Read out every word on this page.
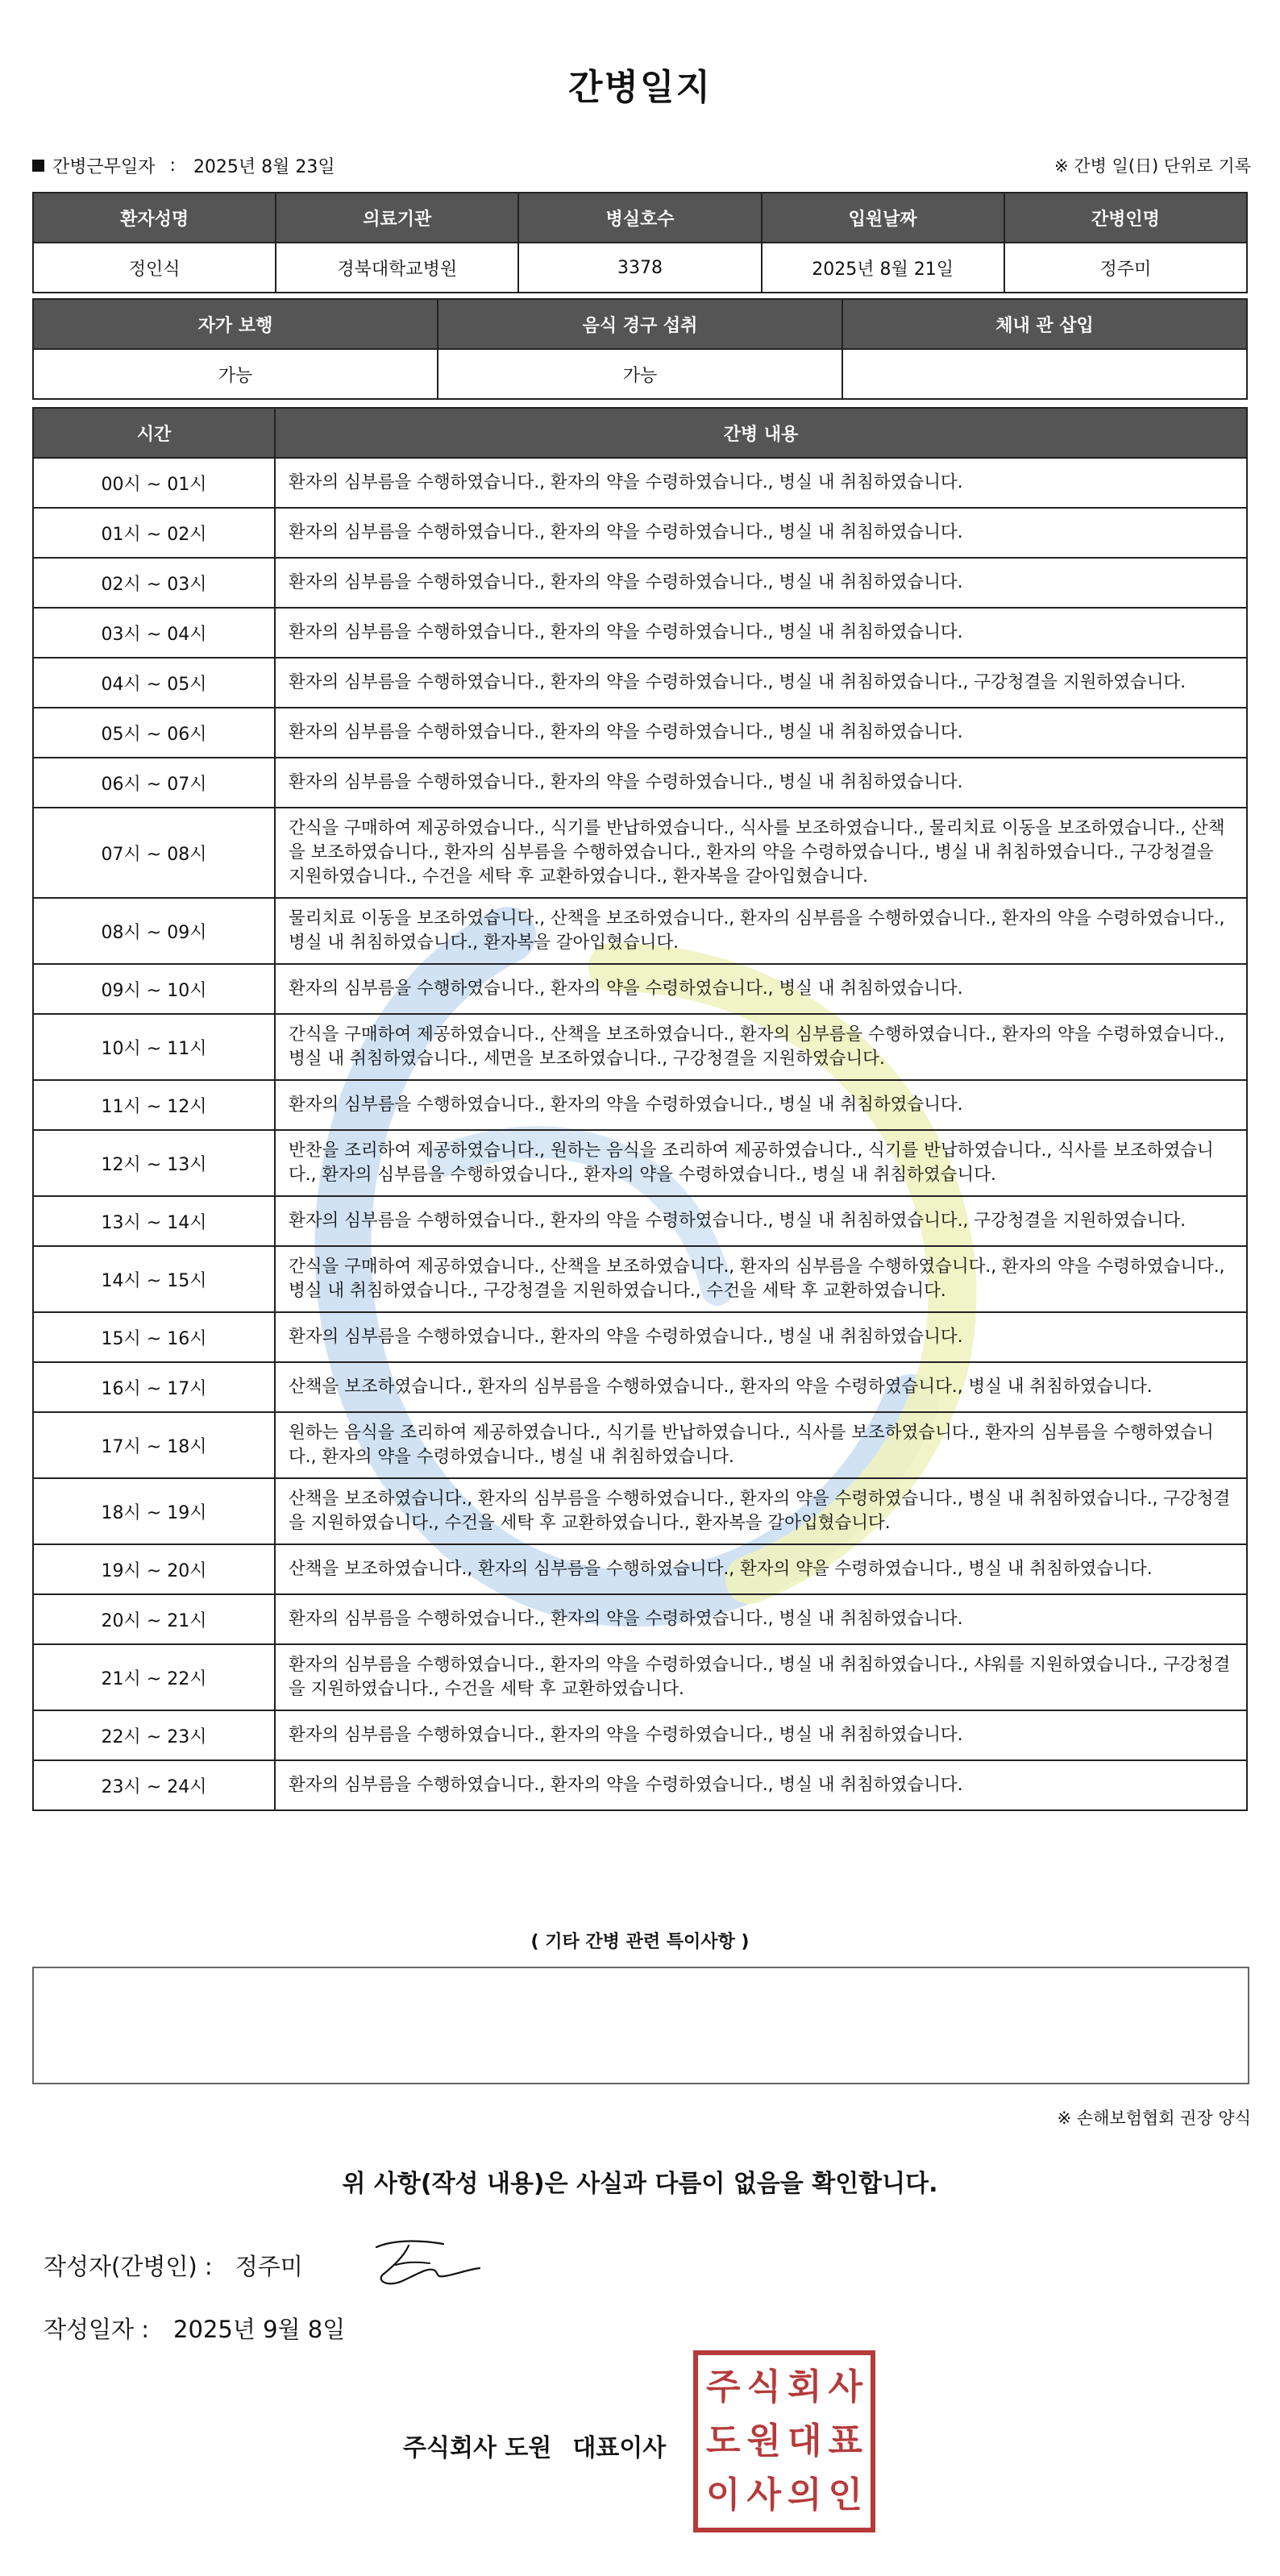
간병일지
간병근무일자 : 2025년 8월 23일	※ 간병 일(日) 단위로 기록
환자성명	의료기관	병실호수	입원날짜	간병인명
정인식	경북대학교병원	3378	2025년 8월 21일	정주미
자가 보행	음식 경구 섭취	체내 관 삽입
가능	가능	
시간	간병 내용
00시 ~ 01시	환자의 심부름을 수행하였습니다., 환자의 약을 수령하였습니다., 병실 내 취침하였습니다.
01시 ~ 02시	환자의 심부름을 수행하였습니다., 환자의 약을 수령하였습니다., 병실 내 취침하였습니다.
02시 ~ 03시	환자의 심부름을 수행하였습니다., 환자의 약을 수령하였습니다., 병실 내 취침하였습니다.
03시 ~ 04시	환자의 심부름을 수행하였습니다., 환자의 약을 수령하였습니다., 병실 내 취침하였습니다.
04시 ~ 05시	환자의 심부름을 수행하였습니다., 환자의 약을 수령하였습니다., 병실 내 취침하였습니다., 구강청결을 지원하였습니다.
05시 ~ 06시	환자의 심부름을 수행하였습니다., 환자의 약을 수령하였습니다., 병실 내 취침하였습니다.
06시 ~ 07시	환자의 심부름을 수행하였습니다., 환자의 약을 수령하였습니다., 병실 내 취침하였습니다.
07시 ~ 08시	간식을 구매하여 제공하였습니다., 식기를 반납하였습니다., 식사를 보조하였습니다., 물리치료 이동을 보조하였습니다., 산책을 보조하였습니다., 환자의 심부름을 수행하였습니다., 환자의 약을 수령하였습니다., 병실 내 취침하였습니다., 구강청결을 지원하였습니다., 수건을 세탁 후 교환하였습니다., 환자복을 갈아입혔습니다.
08시 ~ 09시	물리치료 이동을 보조하였습니다., 산책을 보조하였습니다., 환자의 심부름을 수행하였습니다., 환자의 약을 수령하였습니다., 병실 내 취침하였습니다., 환자복을 갈아입혔습니다.
09시 ~ 10시	환자의 심부름을 수행하였습니다., 환자의 약을 수령하였습니다., 병실 내 취침하였습니다.
10시 ~ 11시	간식을 구매하여 제공하였습니다., 산책을 보조하였습니다., 환자의 심부름을 수행하였습니다., 환자의 약을 수령하였습니다., 병실 내 취침하였습니다., 세면을 보조하였습니다., 구강청결을 지원하였습니다.
11시 ~ 12시	환자의 심부름을 수행하였습니다., 환자의 약을 수령하였습니다., 병실 내 취침하였습니다.
12시 ~ 13시	반찬을 조리하여 제공하였습니다., 원하는 음식을 조리하여 제공하였습니다., 식기를 반납하였습니다., 식사를 보조하였습니다., 환자의 심부름을 수행하였습니다., 환자의 약을 수령하였습니다., 병실 내 취침하였습니다.
13시 ~ 14시	환자의 심부름을 수행하였습니다., 환자의 약을 수령하였습니다., 병실 내 취침하였습니다., 구강청결을 지원하였습니다.
14시 ~ 15시	간식을 구매하여 제공하였습니다., 산책을 보조하였습니다., 환자의 심부름을 수행하였습니다., 환자의 약을 수령하였습니다., 병실 내 취침하였습니다., 구강청결을 지원하였습니다., 수건을 세탁 후 교환하였습니다.
15시 ~ 16시	환자의 심부름을 수행하였습니다., 환자의 약을 수령하였습니다., 병실 내 취침하였습니다.
16시 ~ 17시	산책을 보조하였습니다., 환자의 심부름을 수행하였습니다., 환자의 약을 수령하였습니다., 병실 내 취침하였습니다.
17시 ~ 18시	원하는 음식을 조리하여 제공하였습니다., 식기를 반납하였습니다., 식사를 보조하였습니다., 환자의 심부름을 수행하였습니다., 환자의 약을 수령하였습니다., 병실 내 취침하였습니다.
18시 ~ 19시	산책을 보조하였습니다., 환자의 심부름을 수행하였습니다., 환자의 약을 수령하였습니다., 병실 내 취침하였습니다., 구강청결을 지원하였습니다., 수건을 세탁 후 교환하였습니다., 환자복을 갈아입혔습니다.
19시 ~ 20시	산책을 보조하였습니다., 환자의 심부름을 수행하였습니다., 환자의 약을 수령하였습니다., 병실 내 취침하였습니다.
20시 ~ 21시	환자의 심부름을 수행하였습니다., 환자의 약을 수령하였습니다., 병실 내 취침하였습니다.
21시 ~ 22시	환자의 심부름을 수행하였습니다., 환자의 약을 수령하였습니다., 병실 내 취침하였습니다., 샤워를 지원하였습니다., 구강청결을 지원하였습니다., 수건을 세탁 후 교환하였습니다.
22시 ~ 23시	환자의 심부름을 수행하였습니다., 환자의 약을 수령하였습니다., 병실 내 취침하였습니다.
23시 ~ 24시	환자의 심부름을 수행하였습니다., 환자의 약을 수령하였습니다., 병실 내 취침하였습니다.
( 기타 간병 관련 특이사항 )
※ 손해보험협회 권장 양식
위 사항(작성 내용)은 사실과 다름이 없음을 확인합니다.
작성자(간병인) : 정주미
작성일자 : 2025년 9월 8일
주식회사 도원 대표이사
주 식 회 사
도 원 대 표
이 사 의 인
